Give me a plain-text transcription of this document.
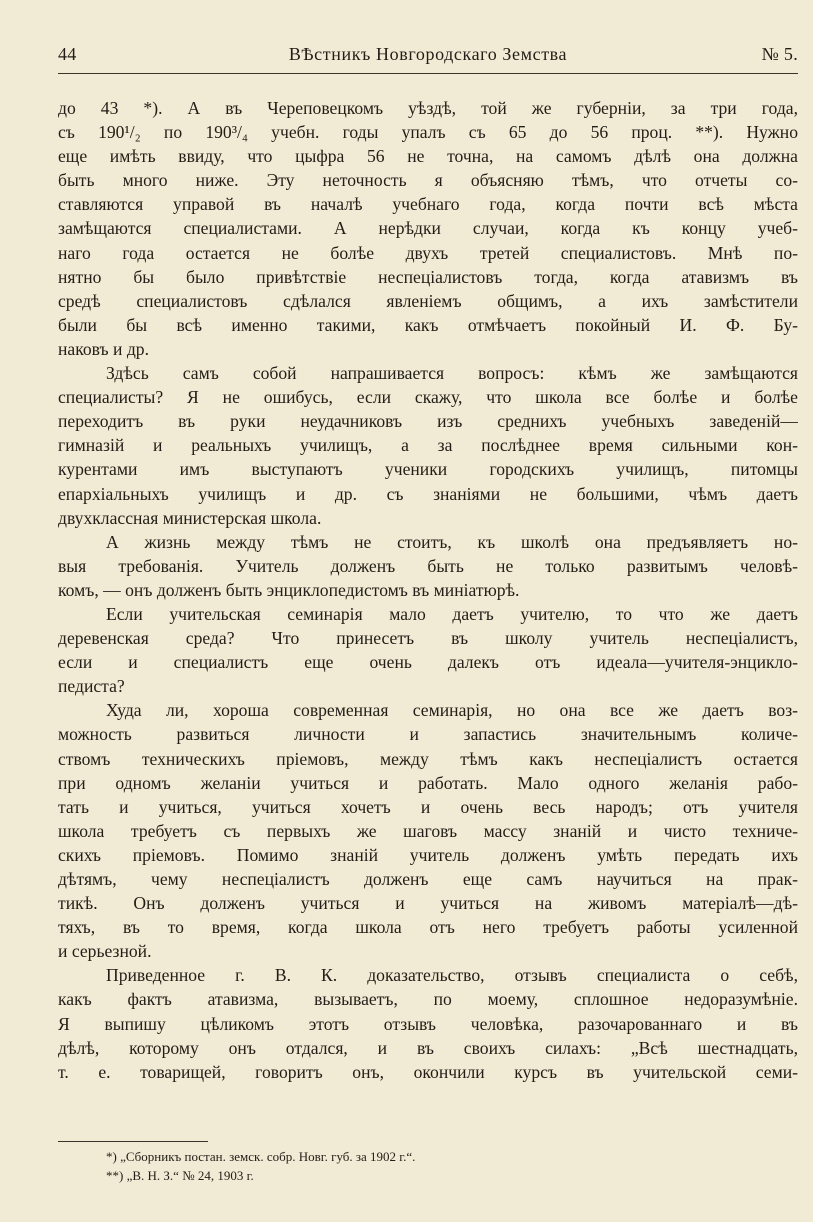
44	ВѢстникъ Новгородскаго Земства	№ 5.
до 43 *). А въ Череповецкомъ уѣздѣ, той же губерніи, за три года,
съ 190¹/₂ по 190³/₄ учебн. годы упалъ съ 65 до 56 проц. **). Нужно
еще имѣть ввиду, что цыфра 56 не точна, на самомъ дѣлѣ она должна
быть много ниже. Эту неточность я объясняю тѣмъ, что отчеты со-
ставляются управой въ началѣ учебнаго года, когда почти всѣ мѣста
замѣщаются специалистами. А нерѣдки случаи, когда къ концу учеб-
наго года остается не болѣе двухъ третей специалистовъ. Мнѣ по-
нятно бы было привѣтствіе неспеціалистовъ тогда, когда атавизмъ въ
средѣ специалистовъ сдѣлался явленіемъ общимъ, а ихъ замѣстители
были бы всѣ именно такими, какъ отмѣчаетъ покойный И. Ф. Бу-
наковъ и др.
Здѣсь самъ собой напрашивается вопросъ: кѣмъ же замѣщаются
специалисты? Я не ошибусь, если скажу, что школа все болѣе и болѣе
переходитъ въ руки неудачниковъ изъ среднихъ учебныхъ заведеній—
гимназій и реальныхъ училищъ, а за послѣднее время сильными кон-
курентами имъ выступаютъ ученики городскихъ училищъ, питомцы
епархіальныхъ училищъ и др. съ знаніями не большими, чѣмъ даетъ
двухклассная министерская школа.
А жизнь между тѣмъ не стоитъ, къ школѣ она предъявляетъ но-
выя требованія. Учитель долженъ быть не только развитымъ человѣ-
комъ, — онъ долженъ быть энциклопедистомъ въ миніатюрѣ.
Если учительская семинарія мало даетъ учителю, то что же даетъ
деревенская среда? Что принесетъ въ школу учитель неспеціалистъ,
если и специалистъ еще очень далекъ отъ идеала—учителя-энцикло-
педиста?
Худа ли, хороша современная семинарія, но она все же даетъ воз-
можность развиться личности и запастись значительнымъ количе-
ствомъ техническихъ пріемовъ, между тѣмъ какъ неспеціалистъ остается
при одномъ желаніи учиться и работать. Мало одного желанія рабо-
тать и учиться, учиться хочетъ и очень весь народъ; отъ учителя
школа требуетъ съ первыхъ же шаговъ массу знаній и чисто техниче-
скихъ пріемовъ. Помимо знаній учитель долженъ умѣть передать ихъ
дѣтямъ, чему неспеціалистъ долженъ еще самъ научиться на прак-
тикѣ. Онъ долженъ учиться и учиться на живомъ матеріалѣ—дѣ-
тяхъ, въ то время, когда школа отъ него требуетъ работы усиленной
и серьезной.
Приведенное г. В. К. доказательство, отзывъ специалиста о себѣ,
какъ фактъ атавизма, вызываетъ, по моему, сплошное недоразумѣніе.
Я выпишу цѣликомъ этотъ отзывъ человѣка, разочарованнаго и въ
дѣлѣ, которому онъ отдался, и въ своихъ силахъ: „Всѣ шестнадцать,
т. е. товарищей, говоритъ онъ, окончили курсъ въ учительской семи-
*) „Сборникъ постан. земск. собр. Новг. губ. за 1902 г.“.
**) „В. Н. З.“ № 24, 1903 г.
